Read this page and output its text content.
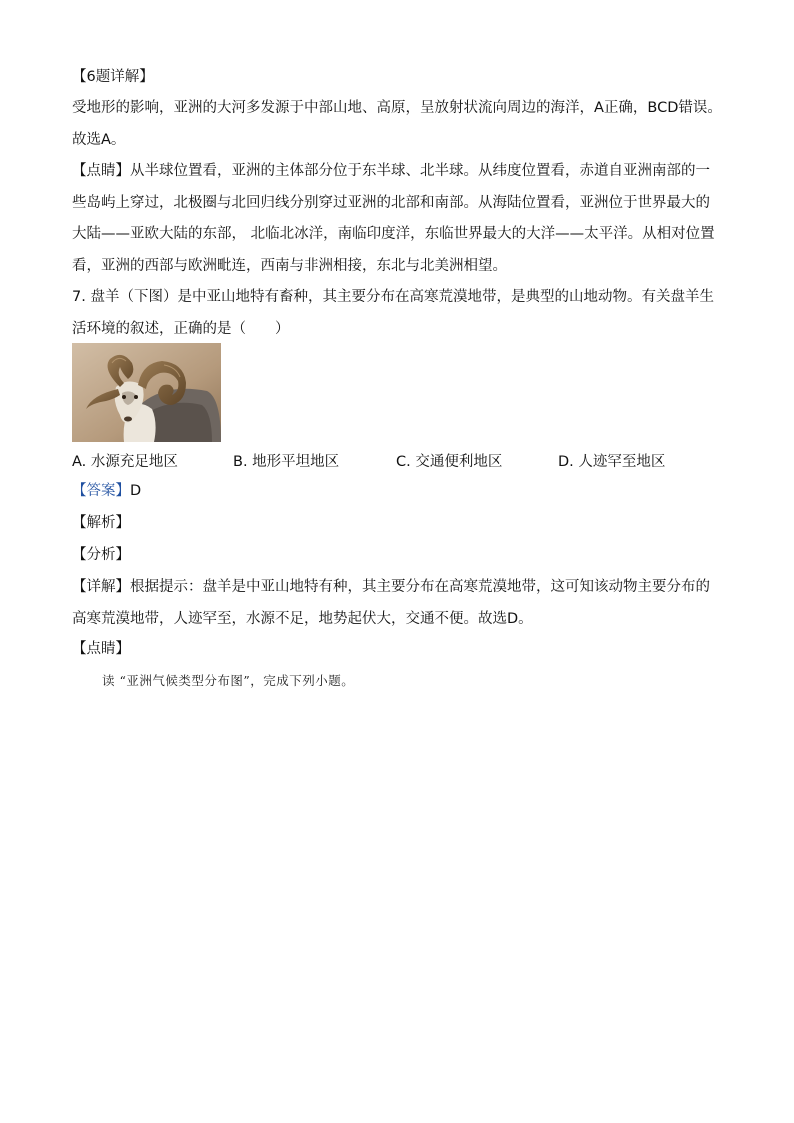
【6题详解】

受地形的影响，亚洲的大河多发源于中部山地、高原，呈放射状流向周边的海洋，A正确，BCD错误。故选A。

【点睛】从半球位置看，亚洲的主体部分位于东半球、北半球。从纬度位置看，赤道自亚洲南部的一些岛屿上穿过，北极圈与北回归线分别穿过亚洲的北部和南部。从海陆位置看，亚洲位于世界最大的大陆——亚欧大陆的东部， 北临北冰洋，南临印度洋，东临世界最大的大洋——太平洋。从相对位置看，亚洲的西部与欧洲毗连，西南与非洲相接，东北与北美洲相望。

7. 盘羊（下图）是中亚山地特有畜种，其主要分布在高寒荒漠地带，是典型的山地动物。有关盘羊生活环境的叙述，正确的是（　　）

A. 水源充足地区	B. 地形平坦地区	C. 交通便利地区	D. 人迹罕至地区

【答案】D

【解析】

【分析】

【详解】根据提示：盘羊是中亚山地特有种，其主要分布在高寒荒漠地带，这可知该动物主要分布的高寒荒漠地带，人迹罕至，水源不足，地势起伏大，交通不便。故选D。

【点睛】

读 “亚洲气候类型分布图”，完成下列小题。
